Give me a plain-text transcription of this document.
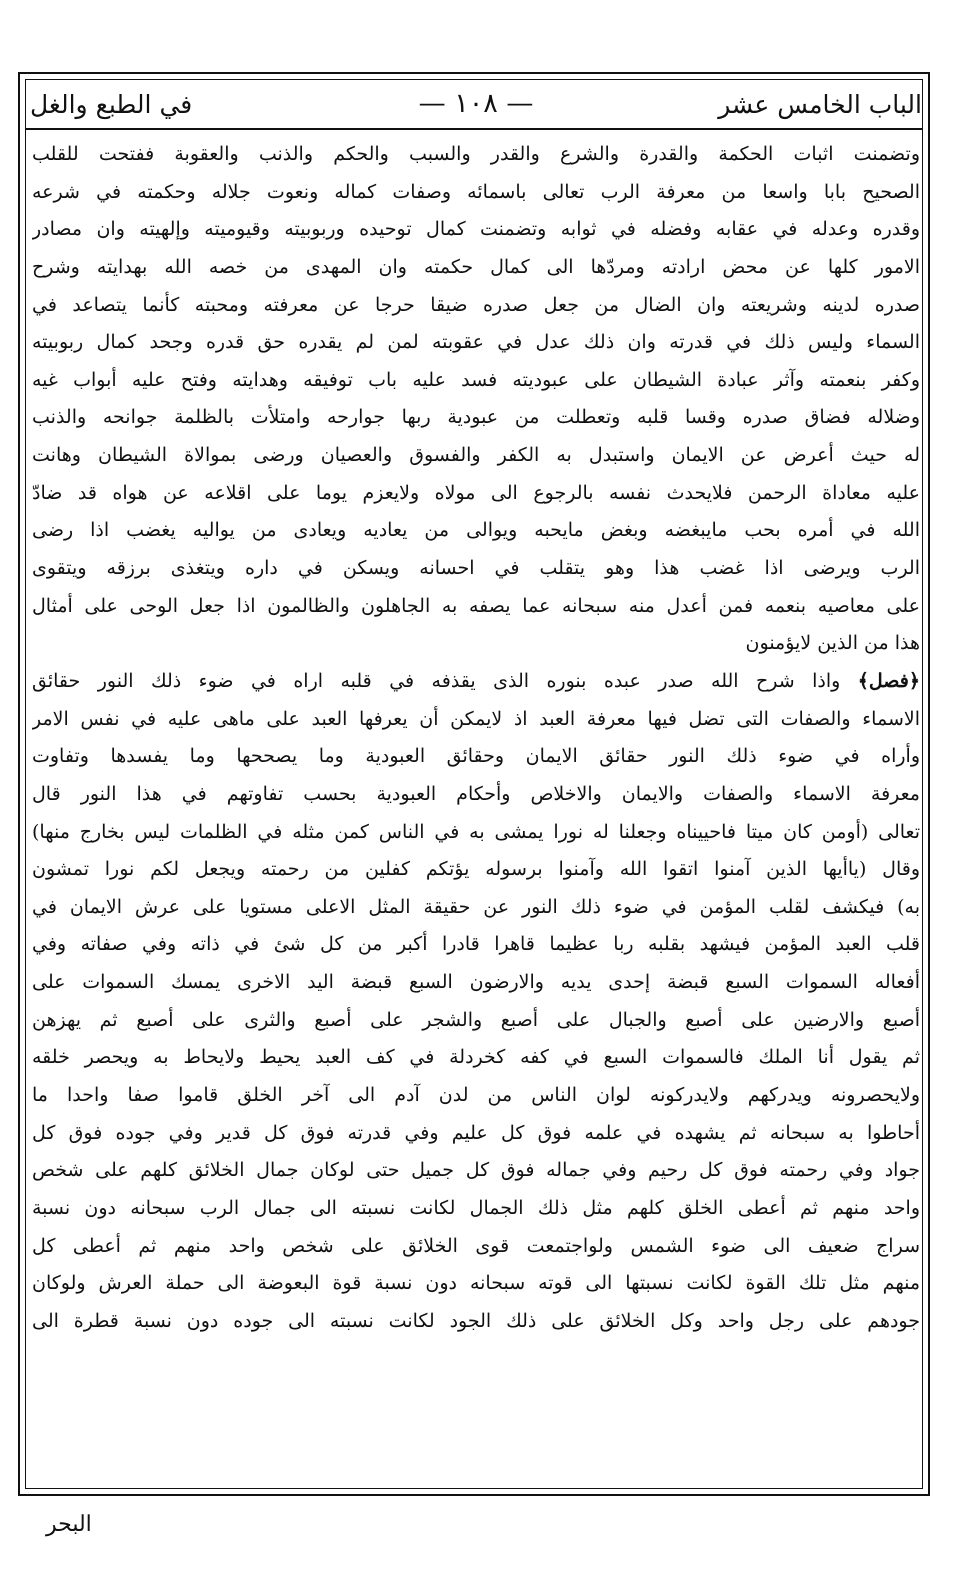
الباب الخامس عشر
— ١٠٨ —
في الطبع والغل
وتضمنت اثبات الحكمة والقدرة والشرع والقدر والسبب والحكم والذنب والعقوبة ففتحت للقلب
الصحيح بابا واسعا من معرفة الرب تعالى باسمائه وصفات كماله ونعوت جلاله وحكمته في شرعه
وقدره وعدله في عقابه وفضله في ثوابه وتضمنت كمال توحيده وربوبيته وقيوميته وإلهيته وان مصادر
الامور كلها عن محض ارادته ومردّها الى كمال حكمته وان المهدى من خصه الله بهدايته وشرح
صدره لدينه وشريعته وان الضال من جعل صدره ضيقا حرجا عن معرفته ومحبته كأنما يتصاعد في
السماء وليس ذلك في قدرته وان ذلك عدل في عقوبته لمن لم يقدره حق قدره وجحد كمال ربوبيته
وكفر بنعمته وآثر عبادة الشيطان على عبوديته فسد عليه باب توفيقه وهدايته وفتح عليه أبواب غيه
وضلاله فضاق صدره وقسا قلبه وتعطلت من عبودية ربها جوارحه وامتلأت بالظلمة جوانحه والذنب
له حيث أعرض عن الايمان واستبدل به الكفر والفسوق والعصيان ورضى بموالاة الشيطان وهانت
عليه معاداة الرحمن فلايحدث نفسه بالرجوع الى مولاه ولايعزم يوما على اقلاعه عن هواه قد ضادّ
الله في أمره بحب مايبغضه وبغض مايحبه ويوالى من يعاديه ويعادى من يواليه يغضب اذا رضى
الرب ويرضى اذا غضب هذا وهو يتقلب في احسانه ويسكن في داره ويتغذى برزقه ويتقوى
على معاصيه بنعمه فمن أعدل منه سبحانه عما يصفه به الجاهلون والظالمون اذا جعل الوحى على أمثال
هذا من الذين لايؤمنون
﴿فصل﴾ واذا شرح الله صدر عبده بنوره الذى يقذفه في قلبه اراه في ضوء ذلك النور حقائق
الاسماء والصفات التى تضل فيها معرفة العبد اذ لايمكن أن يعرفها العبد على ماهى عليه في نفس الامر
وأراه في ضوء ذلك النور حقائق الايمان وحقائق العبودية وما يصححها وما يفسدها وتفاوت
معرفة الاسماء والصفات والايمان والاخلاص وأحكام العبودية بحسب تفاوتهم في هذا النور قال
تعالى (أومن كان ميتا فاحييناه وجعلنا له نورا يمشى به في الناس كمن مثله في الظلمات ليس بخارج منها)
وقال (ياأيها الذين آمنوا اتقوا الله وآمنوا برسوله يؤتكم كفلين من رحمته ويجعل لكم نورا تمشون
به) فيكشف لقلب المؤمن في ضوء ذلك النور عن حقيقة المثل الاعلى مستويا على عرش الايمان في
قلب العبد المؤمن فيشهد بقلبه ربا عظيما قاهرا قادرا أكبر من كل شئ في ذاته وفي صفاته وفي
أفعاله السموات السبع قبضة إحدى يديه والارضون السبع قبضة اليد الاخرى يمسك السموات على
أصبع والارضين على أصبع والجبال على أصبع والشجر على أصبع والثرى على أصبع ثم يهزهن
ثم يقول أنا الملك فالسموات السبع في كفه كخردلة في كف العبد يحيط ولايحاط به ويحصر خلقه
ولايحصرونه ويدركهم ولايدركونه لوان الناس من لدن آدم الى آخر الخلق قاموا صفا واحدا ما
أحاطوا به سبحانه ثم يشهده في علمه فوق كل عليم وفي قدرته فوق كل قدير وفي جوده فوق كل
جواد وفي رحمته فوق كل رحيم وفي جماله فوق كل جميل حتى لوكان جمال الخلائق كلهم على شخص
واحد منهم ثم أعطى الخلق كلهم مثل ذلك الجمال لكانت نسبته الى جمال الرب سبحانه دون نسبة
سراج ضعيف الى ضوء الشمس ولواجتمعت قوى الخلائق على شخص واحد منهم ثم أعطى كل
منهم مثل تلك القوة لكانت نسبتها الى قوته سبحانه دون نسبة قوة البعوضة الى حملة العرش ولوكان
جودهم على رجل واحد وكل الخلائق على ذلك الجود لكانت نسبته الى جوده دون نسبة قطرة الى
البحر
